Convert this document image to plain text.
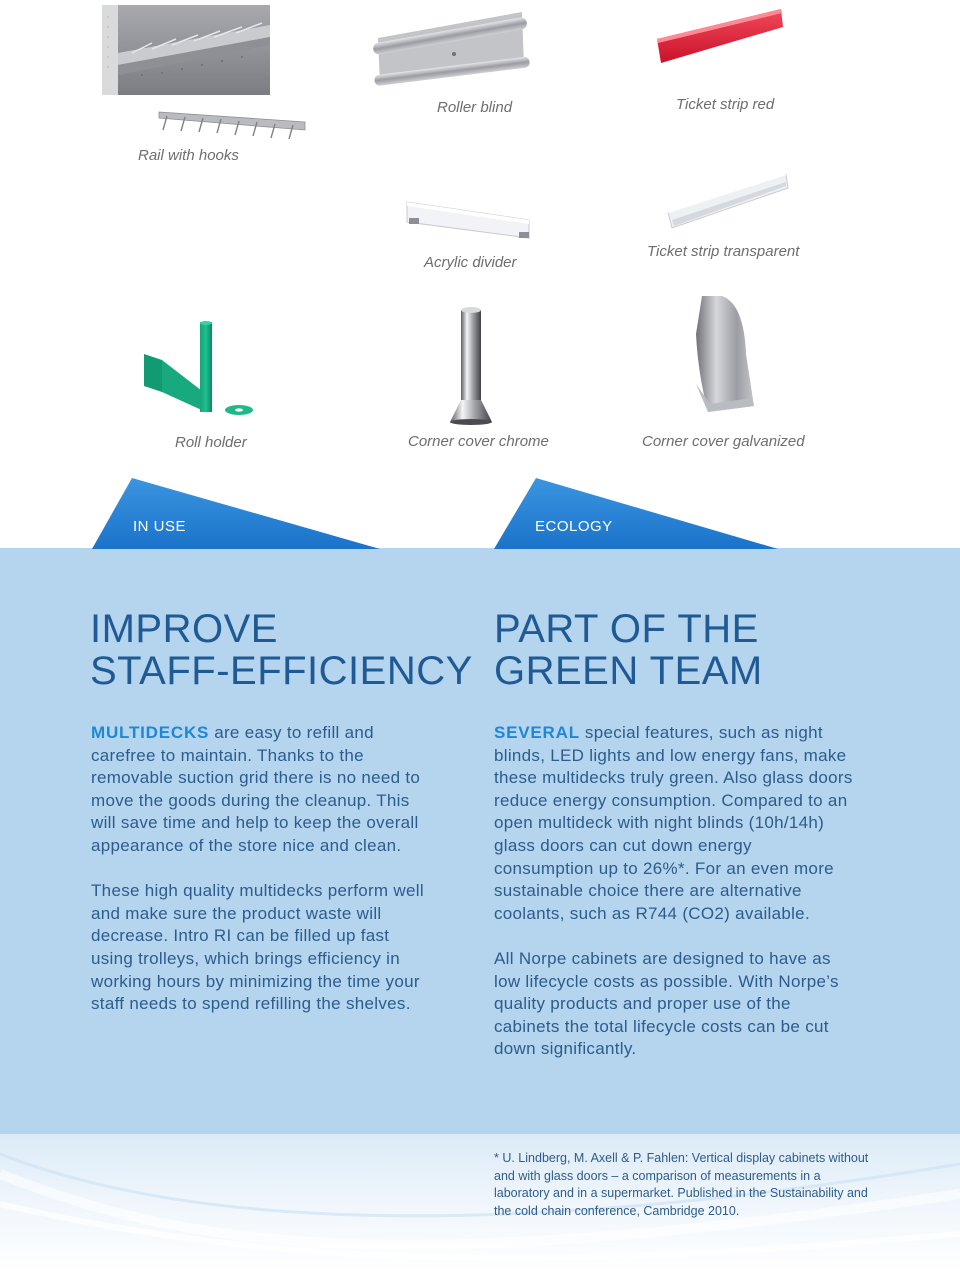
Rail with hooks
Roller blind	Ticket strip red
Acrylic divider
Ticket strip transparent
Roll holder	Corner cover chrome	Corner cover galvanized
IN USE	ECOLOGY
IMPROVE
STAFF-EFFICIENCY

MULTIDECKS are easy to refill and carefree to maintain. Thanks to the removable suction grid there is no need to move the goods during the cleanup. This will save time and help to keep the overall appearance of the store nice and clean.

These high quality multidecks perform well and make sure the product waste will decrease. Intro RI can be filled up fast using trolleys, which brings efficiency in working hours by minimizing the time your staff needs to spend refilling the shelves.

PART OF THE
GREEN TEAM

SEVERAL special features, such as night blinds, LED lights and low energy fans, make these multidecks truly green. Also glass doors reduce energy consumption. Compared to an open multideck with night blinds (10h/14h) glass doors can cut down energy consumption up to 26%*. For an even more sustainable choice there are alternative coolants, such as R744 (CO2) available.

All Norpe cabinets are designed to have as low lifecycle costs as possible. With Norpe’s quality products and proper use of the cabinets the total lifecycle costs can be cut down significantly.

* U. Lindberg, M. Axell & P. Fahlen: Vertical display cabinets without and with glass doors – a comparison of measurements in a laboratory and in a supermarket. Published in the Sustainability and the cold chain conference, Cambridge 2010.
